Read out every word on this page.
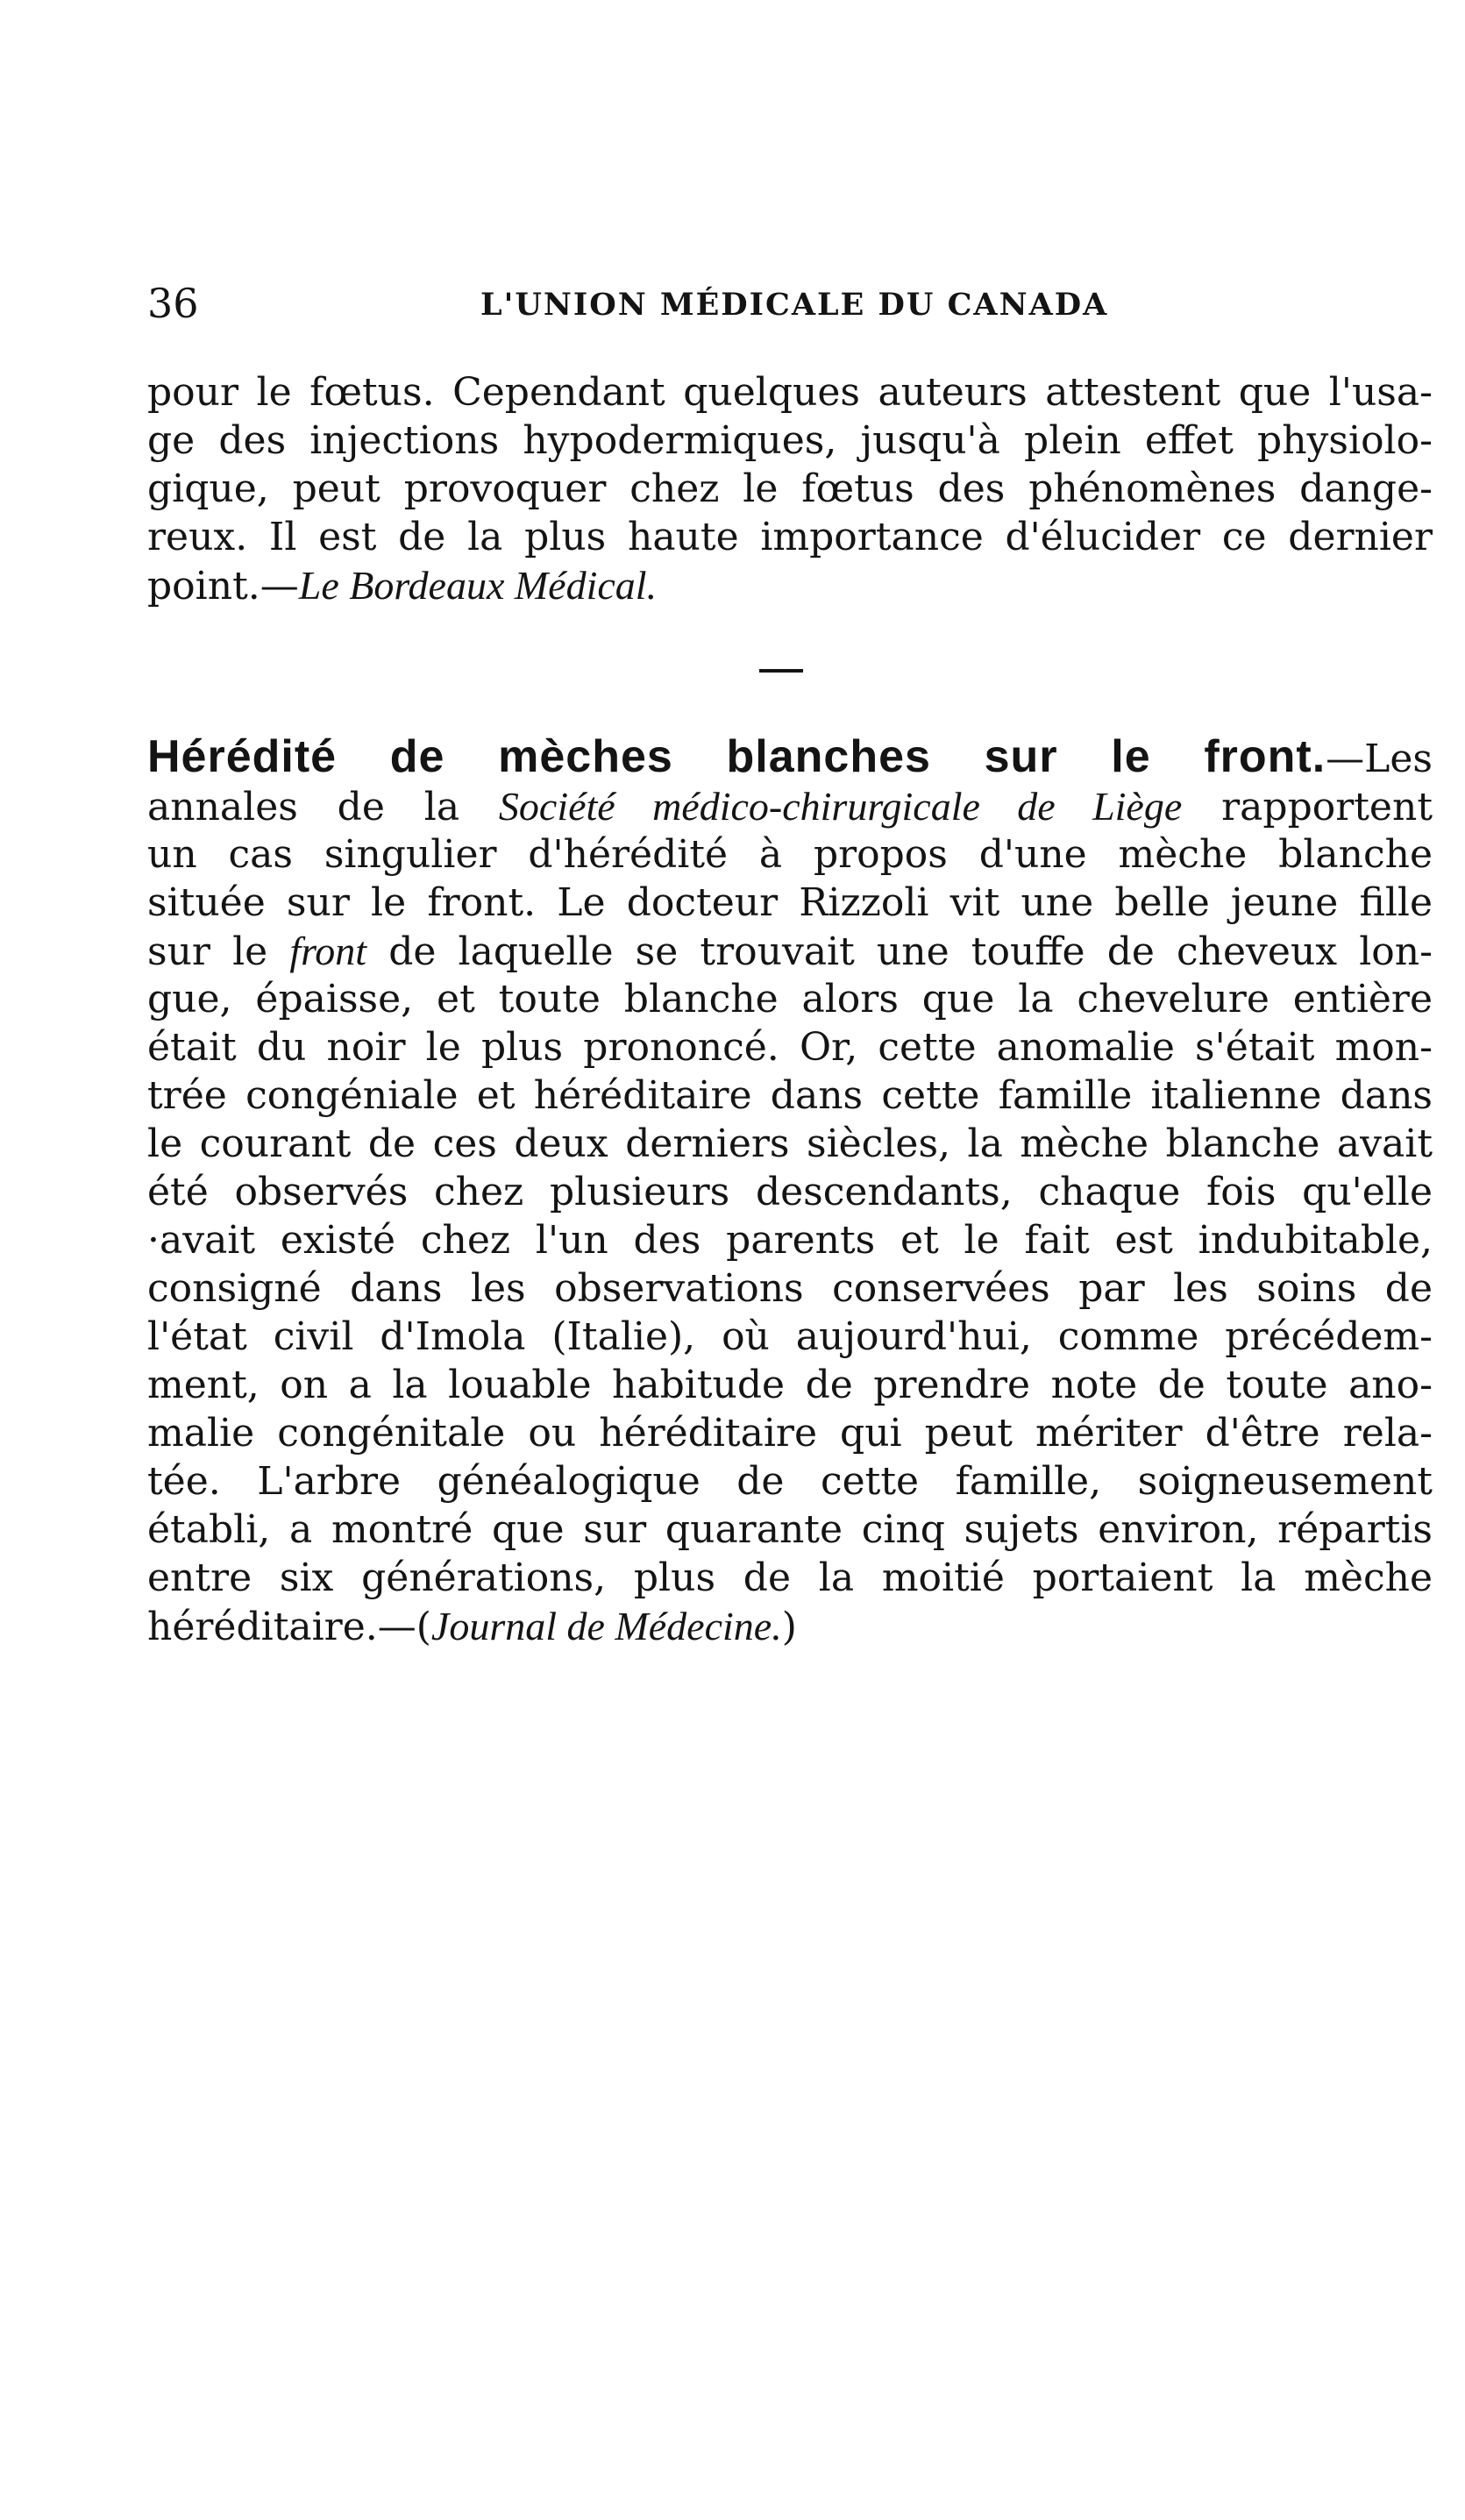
36	L'UNION MÉDICALE DU CANADA
pour le fœtus. Cependant quelques auteurs attestent que l'usa-
ge des injections hypodermiques, jusqu'à plein effet physiolo-
gique, peut provoquer chez le fœtus des phénomènes dange-
reux. Il est de la plus haute importance d'élucider ce dernier
point.—Le Bordeaux Médical.
Hérédité de mèches blanches sur le front.—Les
annales de la Société médico-chirurgicale de Liège rapportent
un cas singulier d'hérédité à propos d'une mèche blanche
située sur le front. Le docteur Rizzoli vit une belle jeune fille
sur le front de laquelle se trouvait une touffe de cheveux lon-
gue, épaisse, et toute blanche alors que la chevelure entière
était du noir le plus prononcé. Or, cette anomalie s'était mon-
trée congéniale et héréditaire dans cette famille italienne dans
le courant de ces deux derniers siècles, la mèche blanche avait
été observés chez plusieurs descendants, chaque fois qu'elle
·avait existé chez l'un des parents et le fait est indubitable,
consigné dans les observations conservées par les soins de
l'état civil d'Imola (Italie), où aujourd'hui, comme précédem-
ment, on a la louable habitude de prendre note de toute ano-
malie congénitale ou héréditaire qui peut mériter d'être rela-
tée. L'arbre généalogique de cette famille, soigneusement
établi, a montré que sur quarante cinq sujets environ, répartis
entre six générations, plus de la moitié portaient la mèche
héréditaire.—(Journal de Médecine.)
